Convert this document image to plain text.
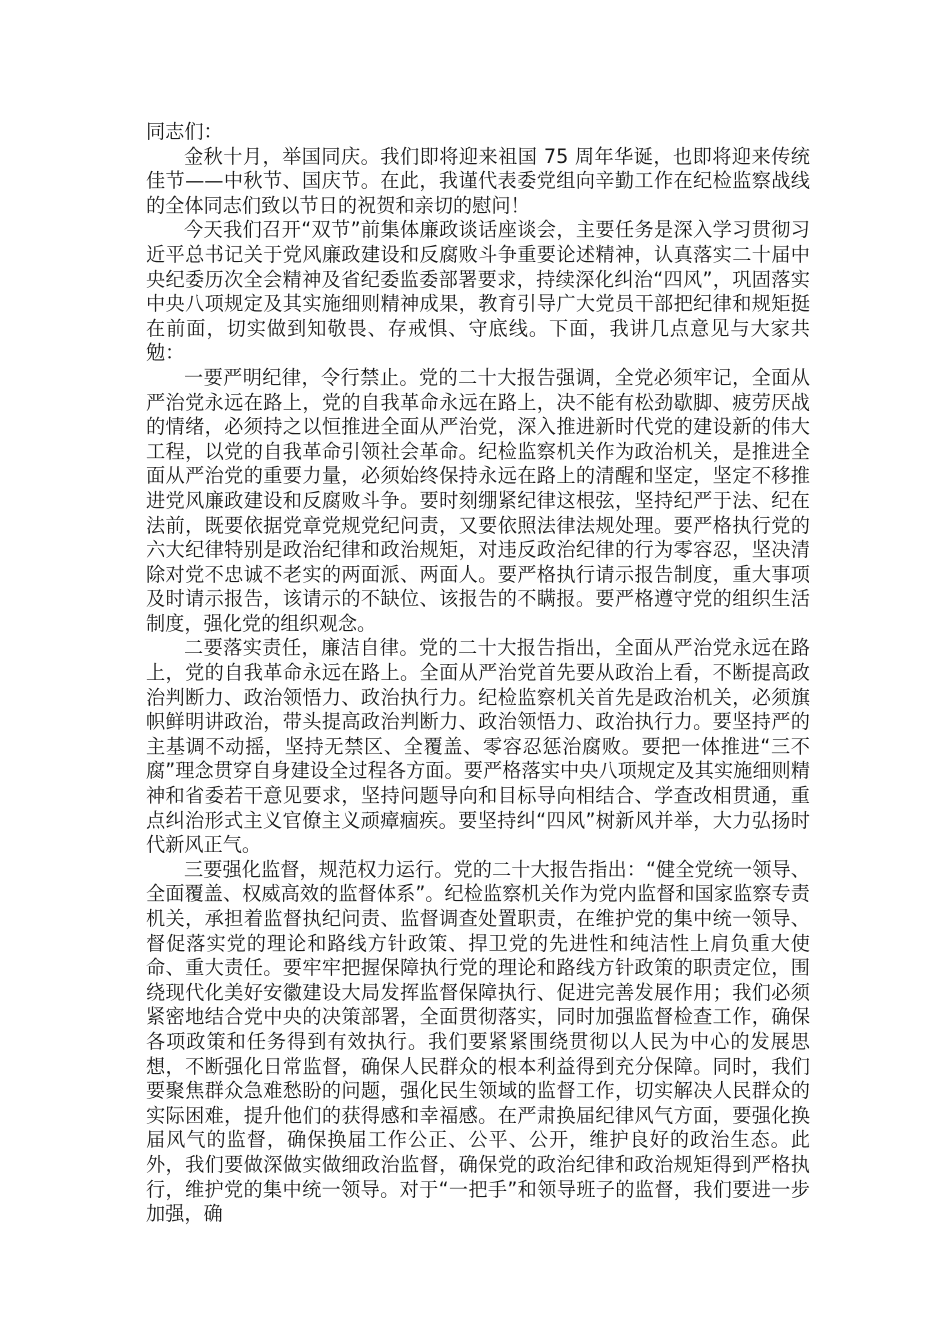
同志们：

金秋十月，举国同庆。我们即将迎来祖国 75 周年华诞，也即将迎来传统佳节——中秋节、国庆节。在此，我谨代表委党组向辛勤工作在纪检监察战线的全体同志们致以节日的祝贺和亲切的慰问！

今天我们召开“双节”前集体廉政谈话座谈会，主要任务是深入学习贯彻习近平总书记关于党风廉政建设和反腐败斗争重要论述精神，认真落实二十届中央纪委历次全会精神及省纪委监委部署要求，持续深化纠治“四风”，巩固落实中央八项规定及其实施细则精神成果，教育引导广大党员干部把纪律和规矩挺在前面，切实做到知敬畏、存戒惧、守底线。下面，我讲几点意见与大家共勉：

一要严明纪律，令行禁止。党的二十大报告强调，全党必须牢记，全面从严治党永远在路上，党的自我革命永远在路上，决不能有松劲歇脚、疲劳厌战的情绪，必须持之以恒推进全面从严治党，深入推进新时代党的建设新的伟大工程，以党的自我革命引领社会革命。纪检监察机关作为政治机关，是推进全面从严治党的重要力量，必须始终保持永远在路上的清醒和坚定，坚定不移推进党风廉政建设和反腐败斗争。要时刻绷紧纪律这根弦，坚持纪严于法、纪在法前，既要依据党章党规党纪问责，又要依照法律法规处理。要严格执行党的六大纪律特别是政治纪律和政治规矩，对违反政治纪律的行为零容忍，坚决清除对党不忠诚不老实的两面派、两面人。要严格执行请示报告制度，重大事项及时请示报告，该请示的不缺位、该报告的不瞒报。要严格遵守党的组织生活制度，强化党的组织观念。

二要落实责任，廉洁自律。党的二十大报告指出，全面从严治党永远在路上，党的自我革命永远在路上。全面从严治党首先要从政治上看，不断提高政治判断力、政治领悟力、政治执行力。纪检监察机关首先是政治机关，必须旗帜鲜明讲政治，带头提高政治判断力、政治领悟力、政治执行力。要坚持严的主基调不动摇，坚持无禁区、全覆盖、零容忍惩治腐败。要把一体推进“三不腐”理念贯穿自身建设全过程各方面。要严格落实中央八项规定及其实施细则精神和省委若干意见要求，坚持问题导向和目标导向相结合、学查改相贯通，重点纠治形式主义官僚主义顽瘴痼疾。要坚持纠“四风”树新风并举，大力弘扬时代新风正气。

三要强化监督，规范权力运行。党的二十大报告指出：“健全党统一领导、全面覆盖、权威高效的监督体系”。纪检监察机关作为党内监督和国家监察专责机关，承担着监督执纪问责、监督调查处置职责，在维护党的集中统一领导、督促落实党的理论和路线方针政策、捍卫党的先进性和纯洁性上肩负重大使命、重大责任。要牢牢把握保障执行党的理论和路线方针政策的职责定位，围绕现代化美好安徽建设大局发挥监督保障执行、促进完善发展作用；我们必须紧密地结合党中央的决策部署，全面贯彻落实，同时加强监督检查工作，确保各项政策和任务得到有效执行。我们要紧紧围绕贯彻以人民为中心的发展思想，不断强化日常监督，确保人民群众的根本利益得到充分保障。同时，我们要聚焦群众急难愁盼的问题，强化民生领域的监督工作，切实解决人民群众的实际困难，提升他们的获得感和幸福感。在严肃换届纪律风气方面，要强化换届风气的监督，确保换届工作公正、公平、公开，维护良好的政治生态。此外，我们要做深做实做细政治监督，确保党的政治纪律和政治规矩得到严格执行，维护党的集中统一领导。对于“一把手”和领导班子的监督，我们要进一步加强，确
